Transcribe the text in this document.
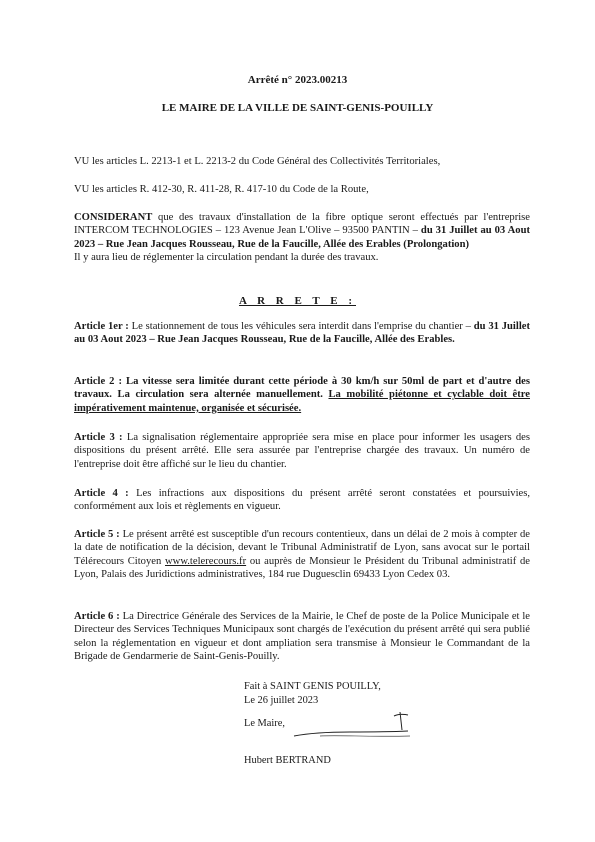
Arrêté n° 2023.00213
LE MAIRE DE LA VILLE DE SAINT-GENIS-POUILLY

VU les articles L. 2213-1 et L. 2213-2 du Code Général des Collectivités Territoriales,

VU les articles R. 412-30, R. 411-28, R. 417-10 du Code de la Route,

CONSIDERANT que des travaux d'installation de la fibre optique seront effectués par l'entreprise INTERCOM TECHNOLOGIES – 123 Avenue Jean L'Olive – 93500 PANTIN – du 31 Juillet au 03 Aout 2023 – Rue Jean Jacques Rousseau, Rue de la Faucille, Allée des Erables (Prolongation)
Il y aura lieu de réglementer la circulation pendant la durée des travaux.

A R R E T E :

Article 1er : Le stationnement de tous les véhicules sera interdit dans l'emprise du chantier – du 31 Juillet au 03 Aout 2023 – Rue Jean Jacques Rousseau, Rue de la Faucille, Allée des Erables.

Article 2 : La vitesse sera limitée durant cette période à 30 km/h sur 50ml de part et d'autre des travaux. La circulation sera alternée manuellement. La mobilité piétonne et cyclable doit être impérativement maintenue, organisée et sécurisée.

Article 3 : La signalisation réglementaire appropriée sera mise en place pour informer les usagers des dispositions du présent arrêté. Elle sera assurée par l'entreprise chargée des travaux. Un numéro de l'entreprise doit être affiché sur le lieu du chantier.

Article 4 : Les infractions aux dispositions du présent arrêté seront constatées et poursuivies, conformément aux lois et règlements en vigueur.

Article 5 : Le présent arrêté est susceptible d'un recours contentieux, dans un délai de 2 mois à compter de la date de notification de la décision, devant le Tribunal Administratif de Lyon, sans avocat sur le portail Télérecours Citoyen www.telerecours.fr ou auprès de Monsieur le Président du Tribunal administratif de Lyon, Palais des Juridictions administratives, 184 rue Duguesclin 69433 Lyon Cedex 03.

Article 6 : La Directrice Générale des Services de la Mairie, le Chef de poste de la Police Municipale et le Directeur des Services Techniques Municipaux sont chargés de l'exécution du présent arrêté qui sera publié selon la réglementation en vigueur et dont ampliation sera transmise à Monsieur le Commandant de la Brigade de Gendarmerie de Saint-Genis-Pouilly.

Fait à SAINT GENIS POUILLY,
Le 26 juillet 2023
Le Maire,
Hubert BERTRAND
